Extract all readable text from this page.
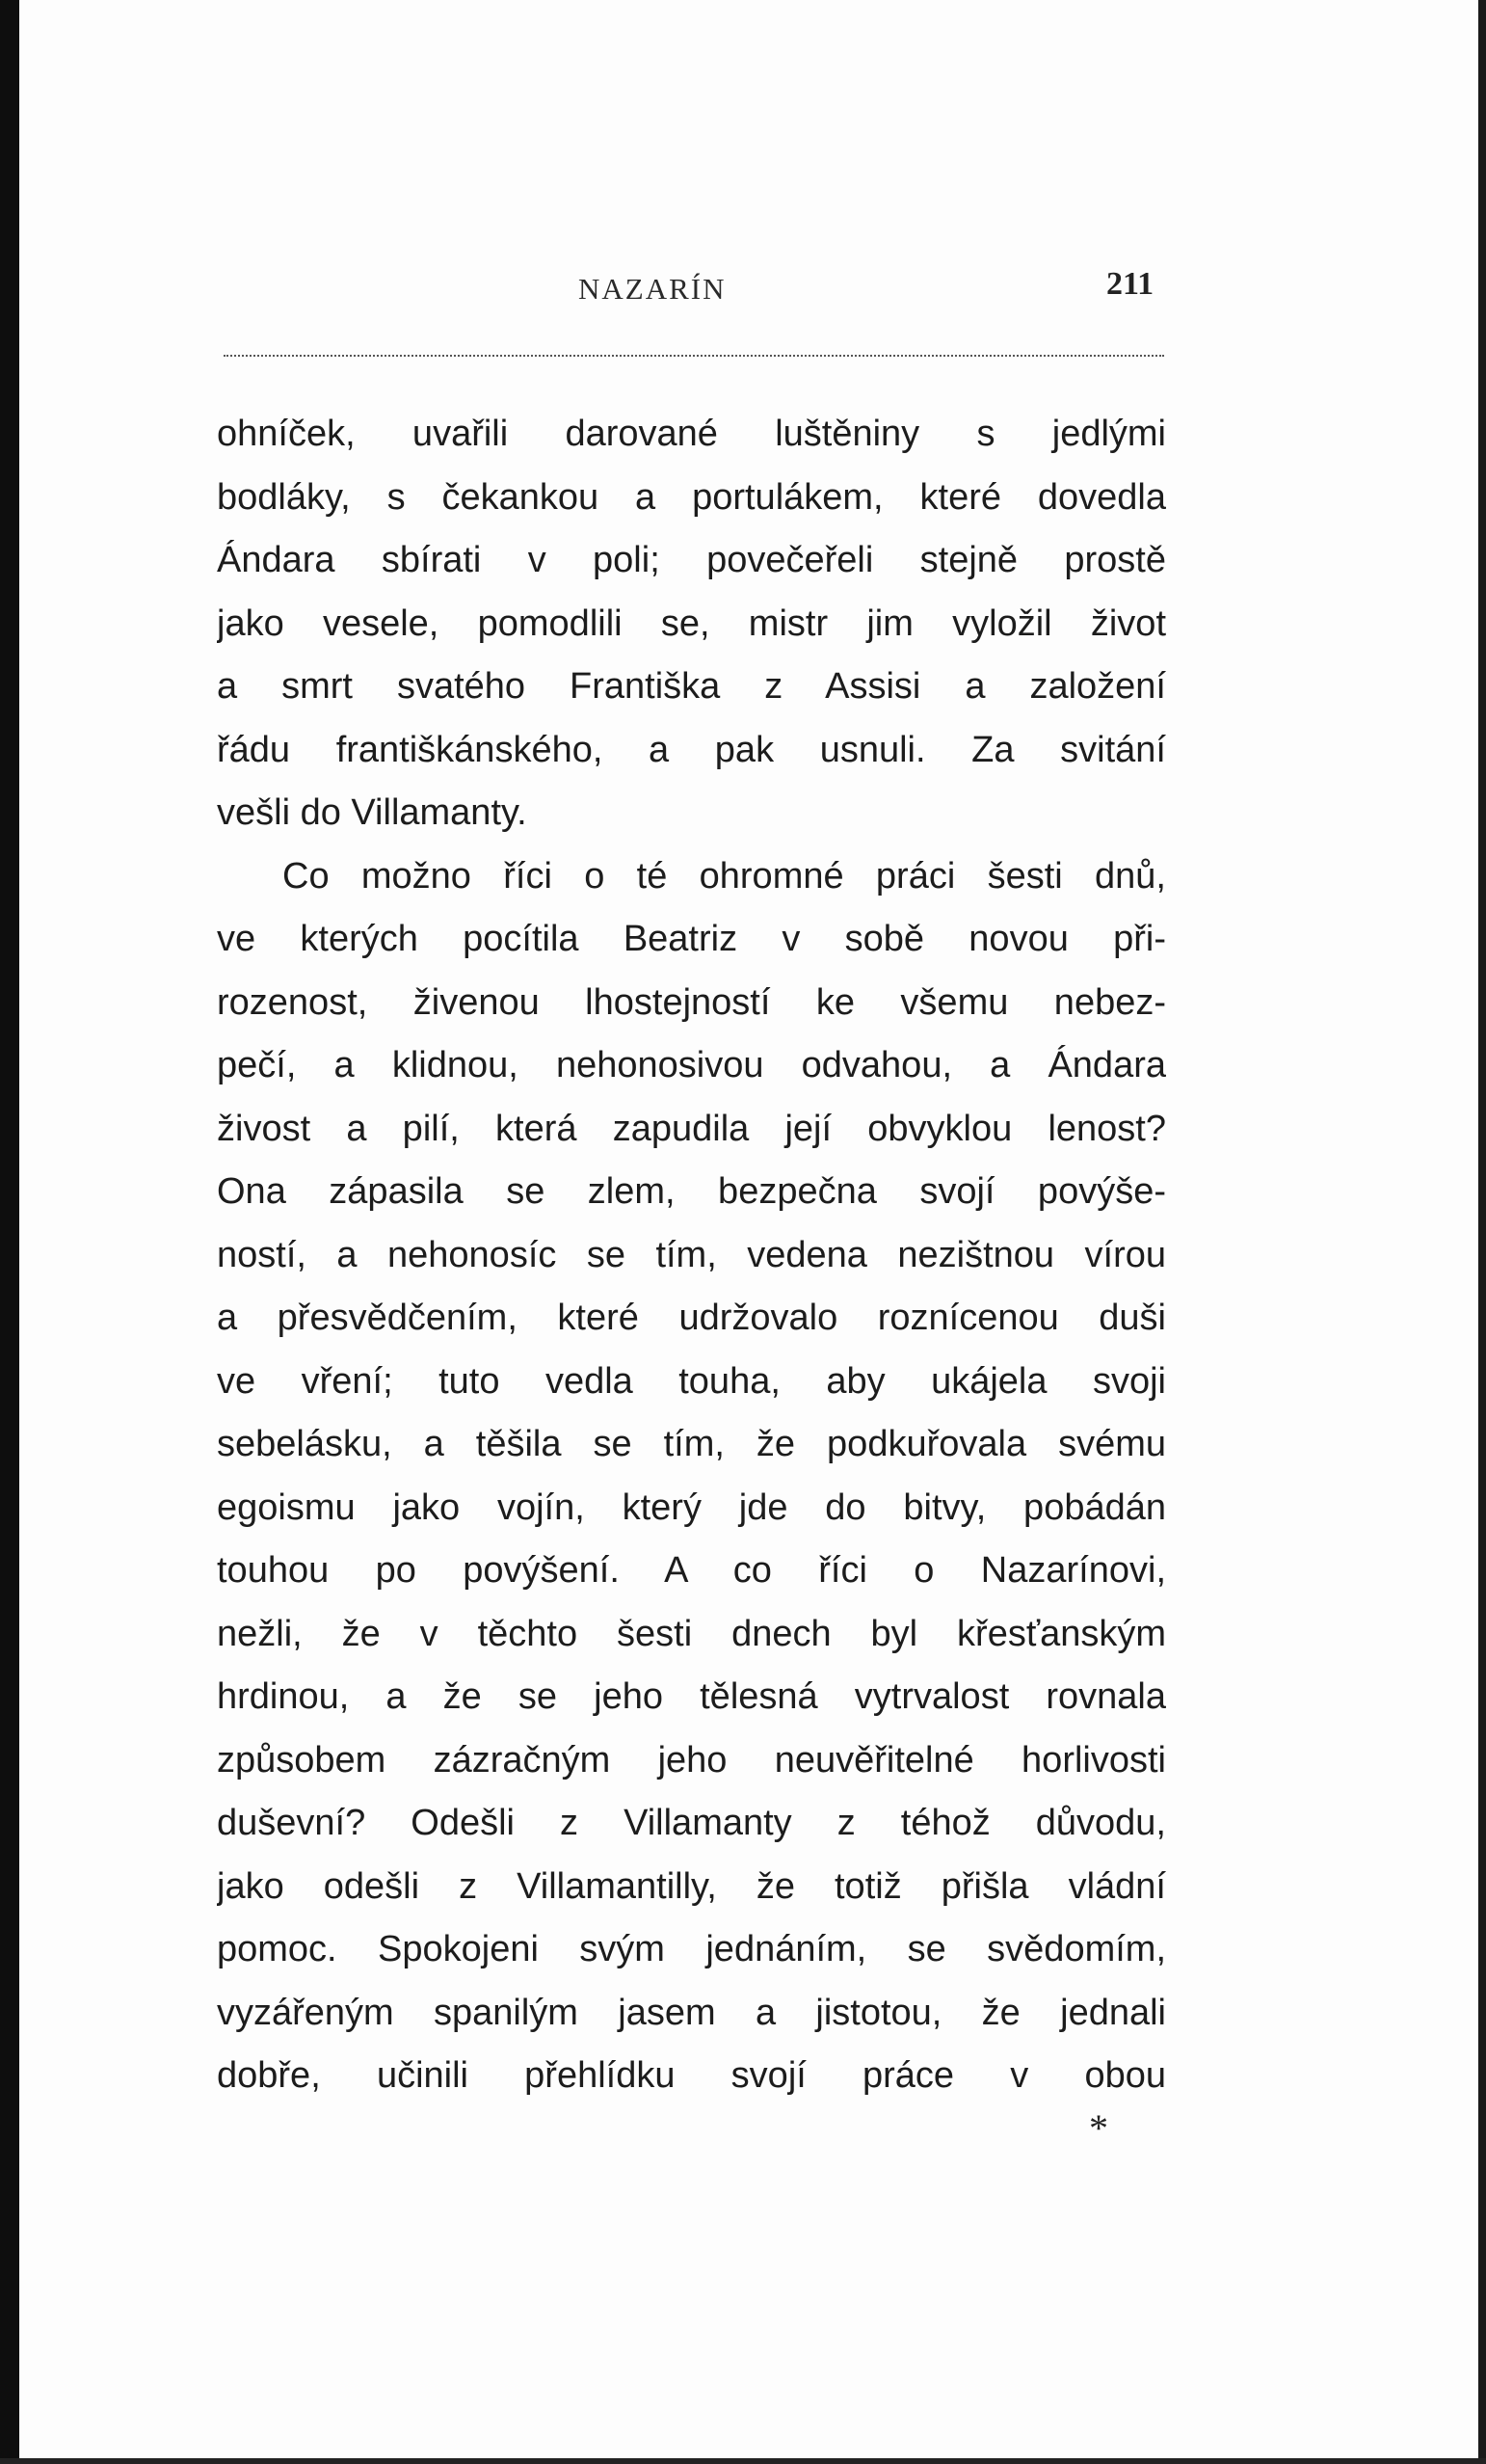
NAZARÍN	211
ohníček, uvařili darované luštěniny s jedlými
bodláky, s čekankou a portulákem, které dovedla
Ándara sbírati v poli; povečeřeli stejně prostě
jako vesele, pomodlili se, mistr jim vyložil život
a smrt svatého Františka z Assisi a založení
řádu františkánského, a pak usnuli. Za svitání
vešli do Villamanty.
Co možno říci o té ohromné práci šesti dnů,
ve kterých pocítila Beatriz v sobě novou při-
rozenost, živenou lhostejností ke všemu nebez-
pečí, a klidnou, nehonosivou odvahou, a Ándara
živost a pilí, která zapudila její obvyklou lenost?
Ona zápasila se zlem, bezpečna svojí povýše-
ností, a nehonosíc se tím, vedena nezištnou vírou
a přesvědčením, které udržovalo roznícenou duši
ve vření; tuto vedla touha, aby ukájela svoji
sebelásku, a těšila se tím, že podkuřovala svému
egoismu jako vojín, který jde do bitvy, pobádán
touhou po povýšení. A co říci o Nazarínovi,
nežli, že v těchto šesti dnech byl křesťanským
hrdinou, a že se jeho tělesná vytrvalost rovnala
způsobem zázračným jeho neuvěřitelné horlivosti
duševní? Odešli z Villamanty z téhož důvodu,
jako odešli z Villamantilly, že totiž přišla vládní
pomoc. Spokojeni svým jednáním, se svědomím,
vyzářeným spanilým jasem a jistotou, že jednali
dobře, učinili přehlídku svojí práce v obou
*
